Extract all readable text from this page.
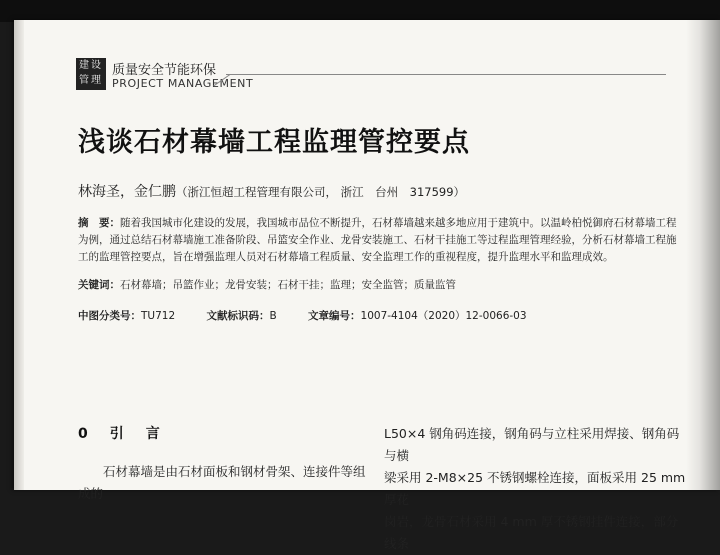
建设
管理
质量安全节能环保
PROJECT MANAGEMENT
浅谈石材幕墙工程监理管控要点
林海圣，金仁鹏（浙江恒超工程管理有限公司， 浙江　台州　317599）
摘　要：随着我国城市化建设的发展，我国城市品位不断提升，石材幕墙越来越多地应用于建筑中。以温岭柏悦御府石材幕墙工程为例，通过总结石材幕墙施工准备阶段、吊篮安全作业、龙骨安装施工、石材干挂施工等过程监理管理经验，分析石材幕墙工程施工的监理管控要点，旨在增强监理人员对石材幕墙工程质量、安全监理工作的重视程度，提升监理水平和监理成效。
关键词：石材幕墙；吊篮作业；龙骨安装；石材干挂；监理；安全监管；质量监管
中图分类号：TU712	文献标识码：B	文章编号：1007-4104（2020）12-0066-03
0　引　言
石材幕墙是由石材面板和钢材骨架、连接件等组成的
L50×4 钢角码连接，钢角码与立柱采用焊接、钢角码与横
梁采用 2-M8×25 不锈钢螺栓连接，面板采用 25 mm 厚花
岗岩，龙骨石材采用 4 mm 厚不锈钢挂件连接，部分线条
